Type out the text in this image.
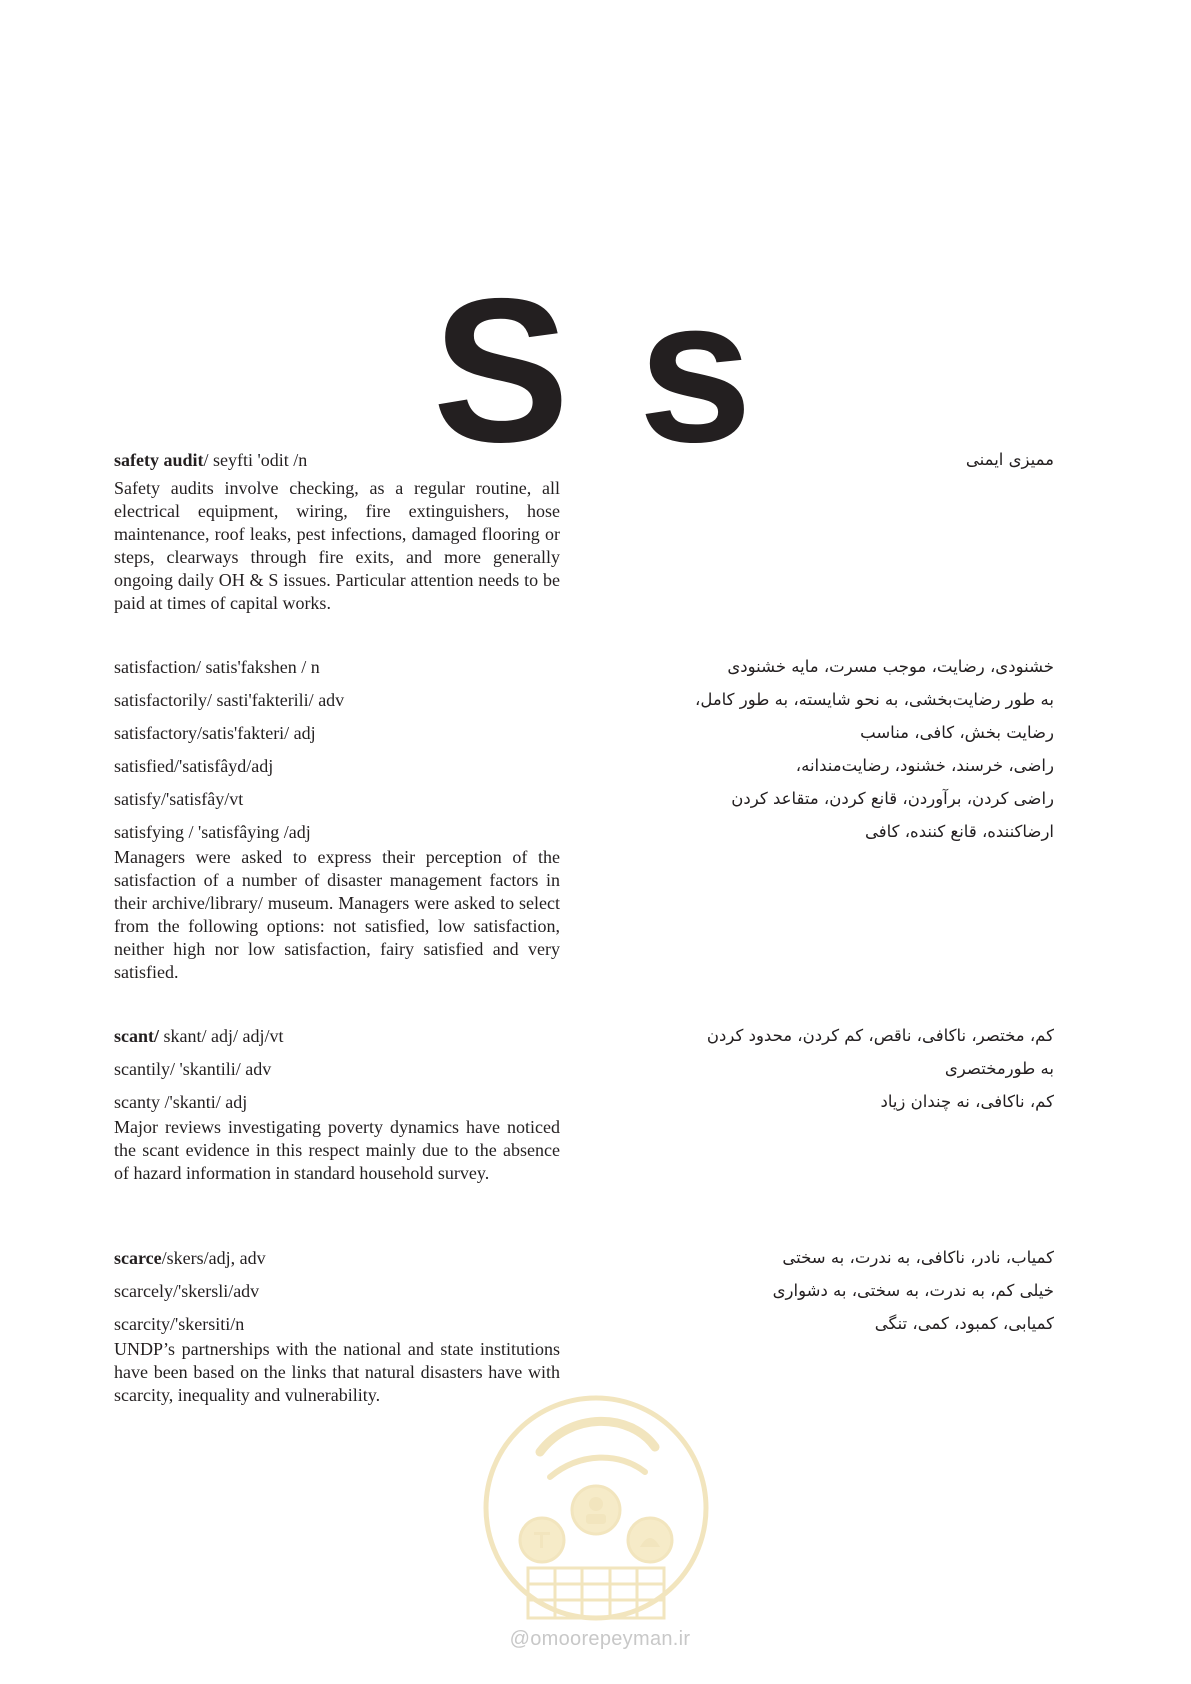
S s
safety audit/ seyfti 'odit /n	ممیزی ایمنی
Safety audits involve checking, as a regular routine, all electrical equipment, wiring, fire extinguishers, hose maintenance, roof leaks, pest infections, damaged flooring or steps, clearways through fire exits, and more generally ongoing daily OH & S issues. Particular attention needs to be paid at times of capital works.
satisfaction/ satis'fakshen / n	خشنودی، رضایت، موجب مسرت، مایه خشنودی
satisfactorily/ sasti'fakterili/ adv	به طور رضایت‌بخشی، به نحو شایسته، به طور کامل،
satisfactory/satis'fakteri/ adj	رضایت بخش، کافی، مناسب
satisfied/'satisfâyd/adj	راضی، خرسند، خشنود، رضایت‌مندانه،
satisfy/'satisfây/vt	راضی کردن، برآوردن، قانع کردن، متقاعد کردن
satisfying / 'satisfâying /adj	ارضاکننده، قانع کننده، کافی
Managers were asked to express their perception of the satisfaction of a number of disaster management factors in their archive/library/ museum. Managers were asked to select from the following options: not satisfied, low satisfaction, neither high nor low satisfaction, fairy satisfied and very satisfied.
scant/ skant/ adj/ adj/vt	کم، مختصر، ناکافی، ناقص، کم کردن، محدود کردن
scantily/ 'skantili/ adv	به طورمختصری
scanty /'skanti/ adj	کم، ناکافی، نه چندان زیاد
Major reviews investigating poverty dynamics have noticed the scant evidence in this respect mainly due to the absence of hazard information in standard household survey.
scarce/skers/adj, adv	کمیاب، نادر، ناکافی، به ندرت، به سختی
scarcely/'skersli/adv	خیلی کم، به ندرت، به سختی، به دشواری
scarcity/'skersiti/n	کمیابی، کمبود، کمی، تنگی
UNDP’s partnerships with the national and state institutions have been based on the links that natural disasters have with scarcity, inequality and vulnerability.
@omoorepeyman.ir
